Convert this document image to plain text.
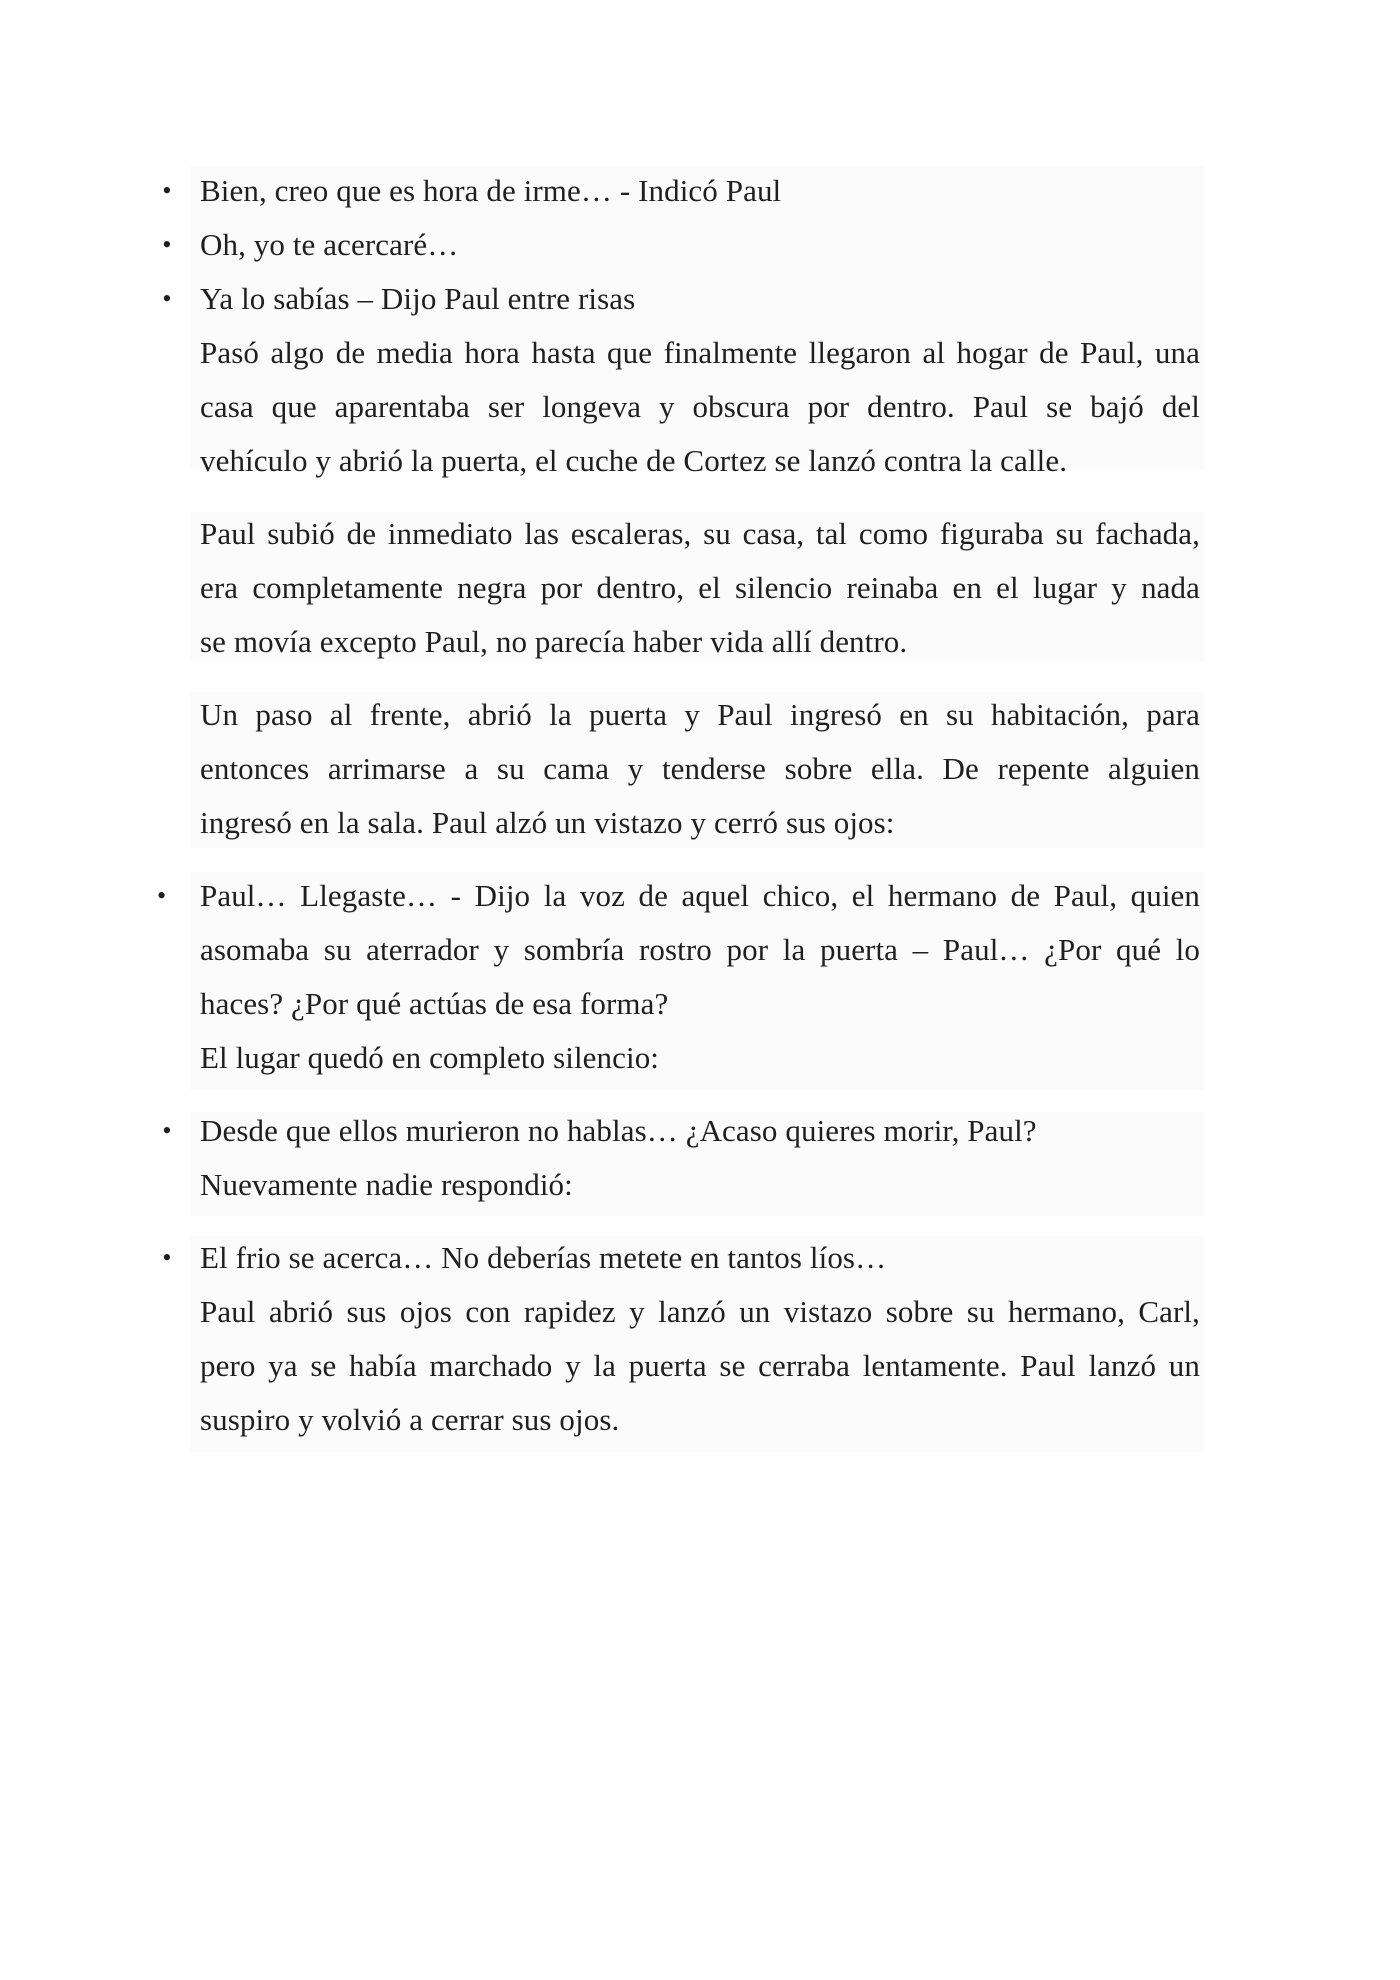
• Bien, creo que es hora de irme… - Indicó Paul
• Oh, yo te acercaré…
• Ya lo sabías – Dijo Paul entre risas
Pasó algo de media hora hasta que finalmente llegaron al hogar de Paul, una
casa que aparentaba ser longeva y obscura por dentro. Paul se bajó del
vehículo y abrió la puerta, el cuche de Cortez se lanzó contra la calle.
Paul subió de inmediato las escaleras, su casa, tal como figuraba su fachada,
era completamente negra por dentro, el silencio reinaba en el lugar y nada
se movía excepto Paul, no parecía haber vida allí dentro.
Un paso al frente, abrió la puerta y Paul ingresó en su habitación, para
entonces arrimarse a su cama y tenderse sobre ella. De repente alguien
ingresó en la sala. Paul alzó un vistazo y cerró sus ojos:
•	Paul… Llegaste… - Dijo la voz de aquel chico, el hermano de Paul, quien
asomaba su aterrador y sombría rostro por la puerta – Paul… ¿Por qué lo
haces? ¿Por qué actúas de esa forma?
El lugar quedó en completo silencio:
• Desde que ellos murieron no hablas… ¿Acaso quieres morir, Paul?
Nuevamente nadie respondió:
• El frio se acerca… No deberías metete en tantos líos…
Paul abrió sus ojos con rapidez y lanzó un vistazo sobre su hermano, Carl,
pero ya se había marchado y la puerta se cerraba lentamente. Paul lanzó un
suspiro y volvió a cerrar sus ojos.
